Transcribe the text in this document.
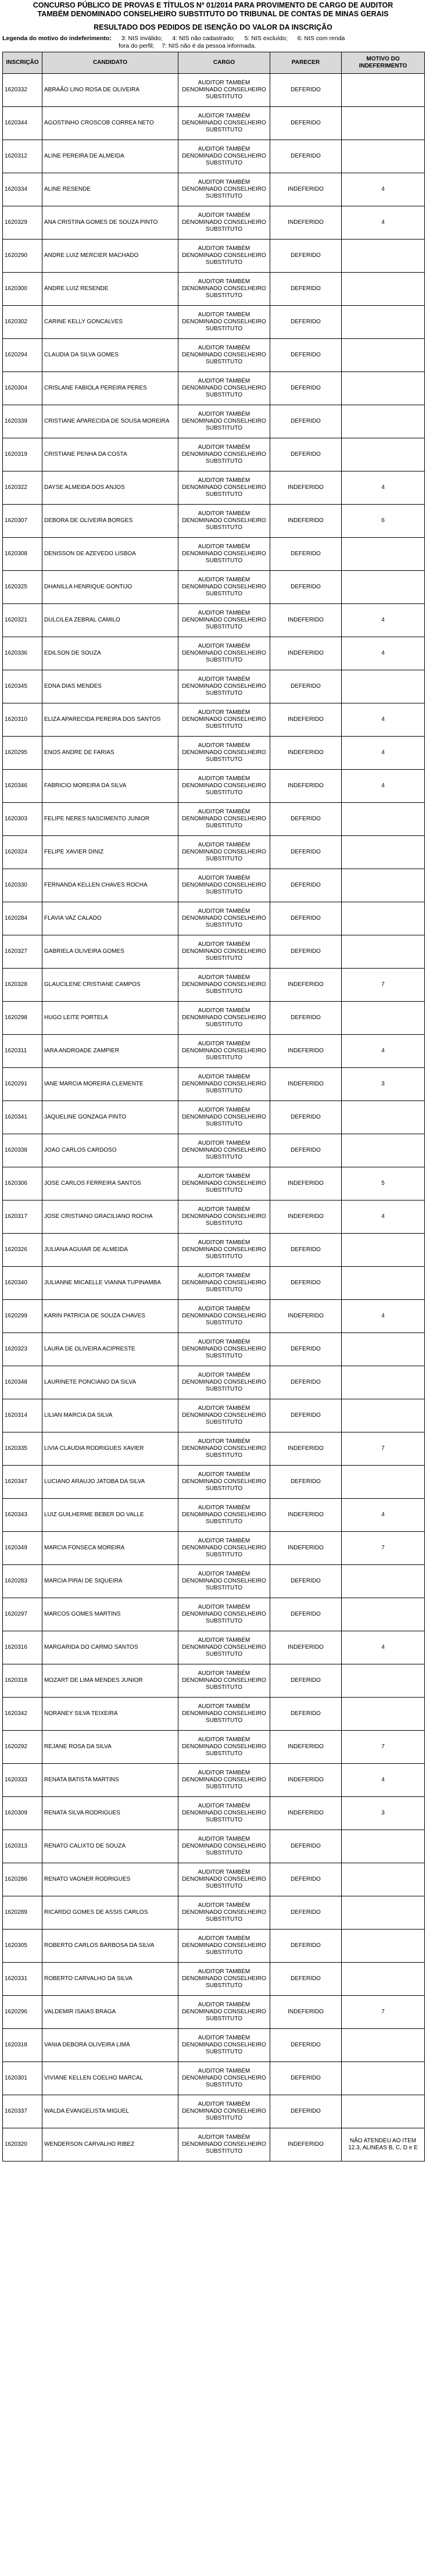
CONCURSO PÚBLICO DE PROVAS E TÍTULOS Nº 01/2014 PARA PROVIMENTO DE CARGO DE AUDITOR
TAMBÉM DENOMINADO CONSELHEIRO SUBSTITUTO DO TRIBUNAL DE CONTAS DE MINAS GERAIS
RESULTADO DOS PEDIDOS DE ISENÇÃO DO VALOR DA INSCRIÇÃO
Legenda do motivo do indeferimento: 3: NIS inválido; 4: NIS não cadastrado; 5: NIS excluído; 6: NIS com renda
fora do perfil; 7: NIS não é da pessoa informada.
INSCRIÇÃO	CANDIDATO	CARGO	PARECER	MOTIVO DO INDEFERIMENTO
1620332	ABRAÃO LINO ROSA DE OLIVEIRA	AUDITOR TAMBÉM DENOMINADO CONSELHEIRO SUBSTITUTO	DEFERIDO	
1620344	AGOSTINHO CROSCOB CORREA NETO	AUDITOR TAMBÉM DENOMINADO CONSELHEIRO SUBSTITUTO	DEFERIDO	
1620312	ALINE PEREIRA DE ALMEIDA	AUDITOR TAMBÉM DENOMINADO CONSELHEIRO SUBSTITUTO	DEFERIDO	
1620334	ALINE RESENDE	AUDITOR TAMBÉM DENOMINADO CONSELHEIRO SUBSTITUTO	INDEFERIDO	4
1620329	ANA CRISTINA GOMES DE SOUZA PINTO	AUDITOR TAMBÉM DENOMINADO CONSELHEIRO SUBSTITUTO	INDEFERIDO	4
1620290	ANDRE LUIZ MERCIER MACHADO	AUDITOR TAMBÉM DENOMINADO CONSELHEIRO SUBSTITUTO	DEFERIDO	
1620300	ANDRE LUIZ RESENDE	AUDITOR TAMBÉM DENOMINADO CONSELHEIRO SUBSTITUTO	DEFERIDO	
1620302	CARINE KELLY GONCALVES	AUDITOR TAMBÉM DENOMINADO CONSELHEIRO SUBSTITUTO	DEFERIDO	
1620294	CLAUDIA DA SILVA GOMES	AUDITOR TAMBÉM DENOMINADO CONSELHEIRO SUBSTITUTO	DEFERIDO	
1620304	CRISLANE FABIOLA PEREIRA PERES	AUDITOR TAMBÉM DENOMINADO CONSELHEIRO SUBSTITUTO	DEFERIDO	
1620339	CRISTIANE APARECIDA DE SOUSA MOREIRA	AUDITOR TAMBÉM DENOMINADO CONSELHEIRO SUBSTITUTO	DEFERIDO	
1620319	CRISTIANE PENHA DA COSTA	AUDITOR TAMBÉM DENOMINADO CONSELHEIRO SUBSTITUTO	DEFERIDO	
1620322	DAYSE ALMEIDA DOS ANJOS	AUDITOR TAMBÉM DENOMINADO CONSELHEIRO SUBSTITUTO	INDEFERIDO	4
1620307	DEBORA DE OLIVEIRA BORGES	AUDITOR TAMBÉM DENOMINADO CONSELHEIRO SUBSTITUTO	INDEFERIDO	6
1620308	DENISSON DE AZEVEDO LISBOA	AUDITOR TAMBÉM DENOMINADO CONSELHEIRO SUBSTITUTO	DEFERIDO	
1620325	DHANILLA HENRIQUE GONTIJO	AUDITOR TAMBÉM DENOMINADO CONSELHEIRO SUBSTITUTO	DEFERIDO	
1620321	DULCILEA ZEBRAL CAMILO	AUDITOR TAMBÉM DENOMINADO CONSELHEIRO SUBSTITUTO	INDEFERIDO	4
1620336	EDILSON DE SOUZA	AUDITOR TAMBÉM DENOMINADO CONSELHEIRO SUBSTITUTO	INDEFERIDO	4
1620345	EDNA DIAS MENDES	AUDITOR TAMBÉM DENOMINADO CONSELHEIRO SUBSTITUTO	DEFERIDO	
1620310	ELIZA APARECIDA PEREIRA DOS SANTOS	AUDITOR TAMBÉM DENOMINADO CONSELHEIRO SUBSTITUTO	INDEFERIDO	4
1620295	ENOS ANDRE DE FARIAS	AUDITOR TAMBÉM DENOMINADO CONSELHEIRO SUBSTITUTO	INDEFERIDO	4
1620346	FABRICIO MOREIRA DA SILVA	AUDITOR TAMBÉM DENOMINADO CONSELHEIRO SUBSTITUTO	INDEFERIDO	4
1620303	FELIPE NERES NASCIMENTO JUNIOR	AUDITOR TAMBÉM DENOMINADO CONSELHEIRO SUBSTITUTO	DEFERIDO	
1620324	FELIPE XAVIER DINIZ	AUDITOR TAMBÉM DENOMINADO CONSELHEIRO SUBSTITUTO	DEFERIDO	
1620330	FERNANDA KELLEN CHAVES ROCHA	AUDITOR TAMBÉM DENOMINADO CONSELHEIRO SUBSTITUTO	DEFERIDO	
1620284	FLAVIA VAZ CALADO	AUDITOR TAMBÉM DENOMINADO CONSELHEIRO SUBSTITUTO	DEFERIDO	
1620327	GABRIELA OLIVEIRA GOMES	AUDITOR TAMBÉM DENOMINADO CONSELHEIRO SUBSTITUTO	DEFERIDO	
1620328	GLAUCILENE CRISTIANE CAMPOS	AUDITOR TAMBÉM DENOMINADO CONSELHEIRO SUBSTITUTO	INDEFERIDO	7
1620298	HUGO LEITE PORTELA	AUDITOR TAMBÉM DENOMINADO CONSELHEIRO SUBSTITUTO	DEFERIDO	
1620311	IARA ANDROADE ZAMPIER	AUDITOR TAMBÉM DENOMINADO CONSELHEIRO SUBSTITUTO	INDEFERIDO	4
1620291	IANE MARCIA MOREIRA CLEMENTE	AUDITOR TAMBÉM DENOMINADO CONSELHEIRO SUBSTITUTO	INDEFERIDO	3
1620341	JAQUELINE GONZAGA PINTO	AUDITOR TAMBÉM DENOMINADO CONSELHEIRO SUBSTITUTO	DEFERIDO	
1620338	JOAO CARLOS CARDOSO	AUDITOR TAMBÉM DENOMINADO CONSELHEIRO SUBSTITUTO	DEFERIDO	
1620306	JOSE CARLOS FERREIRA SANTOS	AUDITOR TAMBÉM DENOMINADO CONSELHEIRO SUBSTITUTO	INDEFERIDO	5
1620317	JOSE CRISTIANO GRACILIANO ROCHA	AUDITOR TAMBÉM DENOMINADO CONSELHEIRO SUBSTITUTO	INDEFERIDO	4
1620326	JULIANA AGUIAR DE ALMEIDA	AUDITOR TAMBÉM DENOMINADO CONSELHEIRO SUBSTITUTO	DEFERIDO	
1620340	JULIANNE MICAELLE VIANNA TUPINAMBA	AUDITOR TAMBÉM DENOMINADO CONSELHEIRO SUBSTITUTO	DEFERIDO	
1620299	KARIN PATRICIA DE SOUZA CHAVES	AUDITOR TAMBÉM DENOMINADO CONSELHEIRO SUBSTITUTO	INDEFERIDO	4
1620323	LAURA DE OLIVEIRA ACIPRESTE	AUDITOR TAMBÉM DENOMINADO CONSELHEIRO SUBSTITUTO	DEFERIDO	
1620348	LAURINETE PONCIANO DA SILVA	AUDITOR TAMBÉM DENOMINADO CONSELHEIRO SUBSTITUTO	DEFERIDO	
1620314	LILIAN MARCIA DA SILVA	AUDITOR TAMBÉM DENOMINADO CONSELHEIRO SUBSTITUTO	DEFERIDO	
1620335	LIVIA CLAUDIA RODRIGUES XAVIER	AUDITOR TAMBÉM DENOMINADO CONSELHEIRO SUBSTITUTO	INDEFERIDO	7
1620347	LUCIANO ARAUJO JATOBA DA SILVA	AUDITOR TAMBÉM DENOMINADO CONSELHEIRO SUBSTITUTO	DEFERIDO	
1620343	LUIZ GUILHERME BEBER DO VALLE	AUDITOR TAMBÉM DENOMINADO CONSELHEIRO SUBSTITUTO	INDEFERIDO	4
1620349	MARCIA FONSECA MOREIRA	AUDITOR TAMBÉM DENOMINADO CONSELHEIRO SUBSTITUTO	INDEFERIDO	7
1620283	MARCIA PIRAI DE SIQUEIRA	AUDITOR TAMBÉM DENOMINADO CONSELHEIRO SUBSTITUTO	DEFERIDO	
1620297	MARCOS GOMES MARTINS	AUDITOR TAMBÉM DENOMINADO CONSELHEIRO SUBSTITUTO	DEFERIDO	
1620316	MARGARIDA DO CARMO SANTOS	AUDITOR TAMBÉM DENOMINADO CONSELHEIRO SUBSTITUTO	INDEFERIDO	4
1620318	MOZART DE LIMA MENDES JUNIOR	AUDITOR TAMBÉM DENOMINADO CONSELHEIRO SUBSTITUTO	DEFERIDO	
1620342	NORANEY SILVA TEIXEIRA	AUDITOR TAMBÉM DENOMINADO CONSELHEIRO SUBSTITUTO	DEFERIDO	
1620292	REJANE ROSA DA SILVA	AUDITOR TAMBÉM DENOMINADO CONSELHEIRO SUBSTITUTO	INDEFERIDO	7
1620333	RENATA BATISTA MARTINS	AUDITOR TAMBÉM DENOMINADO CONSELHEIRO SUBSTITUTO	INDEFERIDO	4
1620309	RENATA SILVA RODRIGUES	AUDITOR TAMBÉM DENOMINADO CONSELHEIRO SUBSTITUTO	INDEFERIDO	3
1620313	RENATO CALIXTO DE SOUZA	AUDITOR TAMBÉM DENOMINADO CONSELHEIRO SUBSTITUTO	DEFERIDO	
1620286	RENATO VAGNER RODRIGUES	AUDITOR TAMBÉM DENOMINADO CONSELHEIRO SUBSTITUTO	DEFERIDO	
1620289	RICARDO GOMES DE ASSIS CARLOS	AUDITOR TAMBÉM DENOMINADO CONSELHEIRO SUBSTITUTO	DEFERIDO	
1620305	ROBERTO CARLOS BARBOSA DA SILVA	AUDITOR TAMBÉM DENOMINADO CONSELHEIRO SUBSTITUTO	DEFERIDO	
1620331	ROBERTO CARVALHO DA SILVA	AUDITOR TAMBÉM DENOMINADO CONSELHEIRO SUBSTITUTO	DEFERIDO	
1620296	VALDEMIR ISAIAS BRAGA	AUDITOR TAMBÉM DENOMINADO CONSELHEIRO SUBSTITUTO	INDEFERIDO	7
1620318	VANIA DEBORA OLIVEIRA LIMA	AUDITOR TAMBÉM DENOMINADO CONSELHEIRO SUBSTITUTO	DEFERIDO	
1620301	VIVIANE KELLEN COELHO MARCAL	AUDITOR TAMBÉM DENOMINADO CONSELHEIRO SUBSTITUTO	DEFERIDO	
1620337	WALDA EVANGELISTA MIGUEL	AUDITOR TAMBÉM DENOMINADO CONSELHEIRO SUBSTITUTO	DEFERIDO	
1620320	WENDERSON CARVALHO RIBEZ	AUDITOR TAMBÉM DENOMINADO CONSELHEIRO SUBSTITUTO	INDEFERIDO	NÃO ATENDEU AO ITEM 12.3, ALINEAS B, C, D e E
